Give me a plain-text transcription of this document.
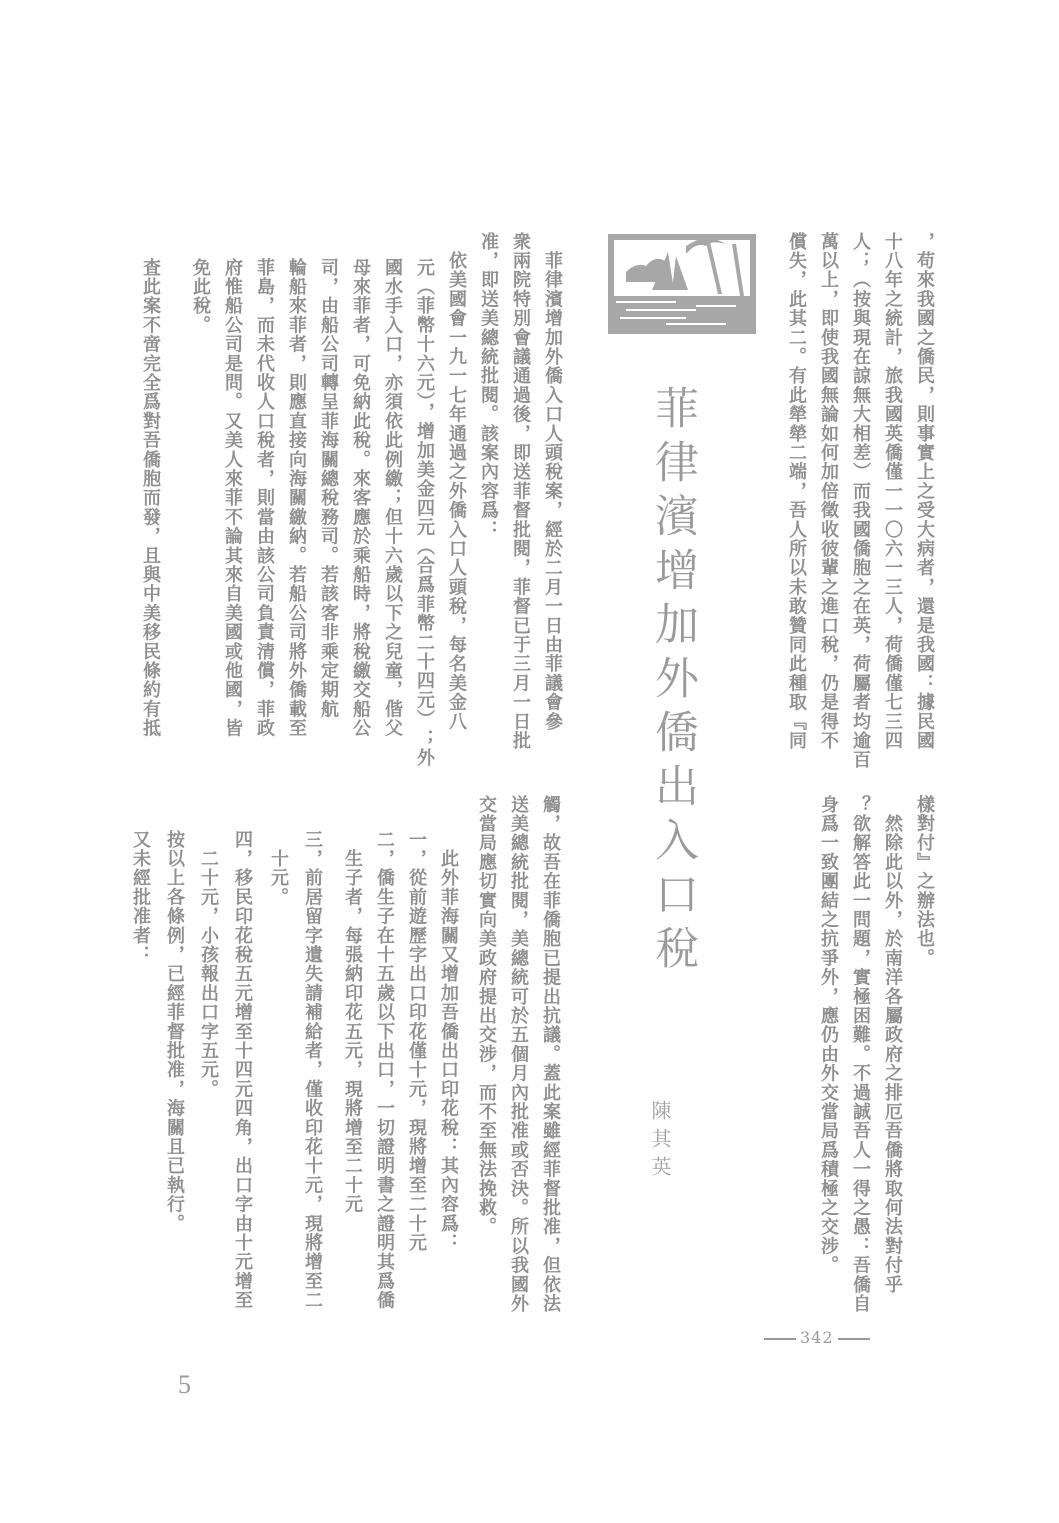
菲律濱增加外僑出入口稅
陳其英
，苟來我國之僑民，則事實上之受大病者，還是我國：據民國
十八年之統計，旅我國英僑僅一一〇六一三人，荷僑僅七三四
人；（按與現在諒無大相差）而我國僑胞之在英，荷屬者均逾百
萬以上，即使我國無論如何加倍徵收彼輩之進口稅，仍是得不
償失，此其二。有此犖犖二端，吾人所以未敢贊同此種取『同
樣對付』之辦法也。
　然除此以外，於南洋各屬政府之排厄吾僑將取何法對付乎
？欲解答此一問題，實極困難。不過誠吾人一得之愚：吾僑自
身爲一致團結之抗爭外，應仍由外交當局爲積極之交涉。
342
　菲律濱增加外僑入口人頭稅案，經於二月一日由菲議會參
衆兩院特別會議通過後，即送菲督批閱，菲督已于三月一日批
准，即送美總統批閱。該案內容爲：
　依美國會一九一七年通過之外僑入口人頭稅，每名美金八
元（菲幣十六元），增加美金四元（合爲菲幣二十四元）；外
國水手入口，亦須依此例繳；但十六歲以下之兒童，偕父
母來菲者，可免納此稅。來客應於乘船時，將稅繳交船公
司，由船公司轉呈菲海關總稅務司。若該客非乘定期航
輪船來菲者，則應直接向海關繳納。若船公司將外僑載至
菲島，而未代收人口稅者，則當由該公司負責清償，菲政
府惟船公司是問。又美人來菲不論其來自美國或他國，皆
免此稅。
査此案不啻完全爲對吾僑胞而發，且與中美移民條約有抵
觸，故吾在菲僑胞已提出抗議。蓋此案雖經菲督批准，但依法
送美總統批閱，美總統可於五個月內批准或否決。所以我國外
交當局應切實向美政府提出交涉，而不至無法挽救。
　此外菲海關又增加吾僑出口印花稅：其內容爲：
一，從前遊歷字出口印花僅十元，現將增至二十元
二，僑生子在十五歲以下出口，一切證明書之證明其爲僑
　生子者，每張納印花五元，現將增至二十元
三，前居留字遺失請補給者，僅收印花十元，現將增至二
　十元。
四，移民印花稅五元增至十四元四角，出口字由十元增至
　二十元，小孩報出口字五元。
按以上各條例，已經菲督批准，海關且已執行。
又未經批准者：
5
